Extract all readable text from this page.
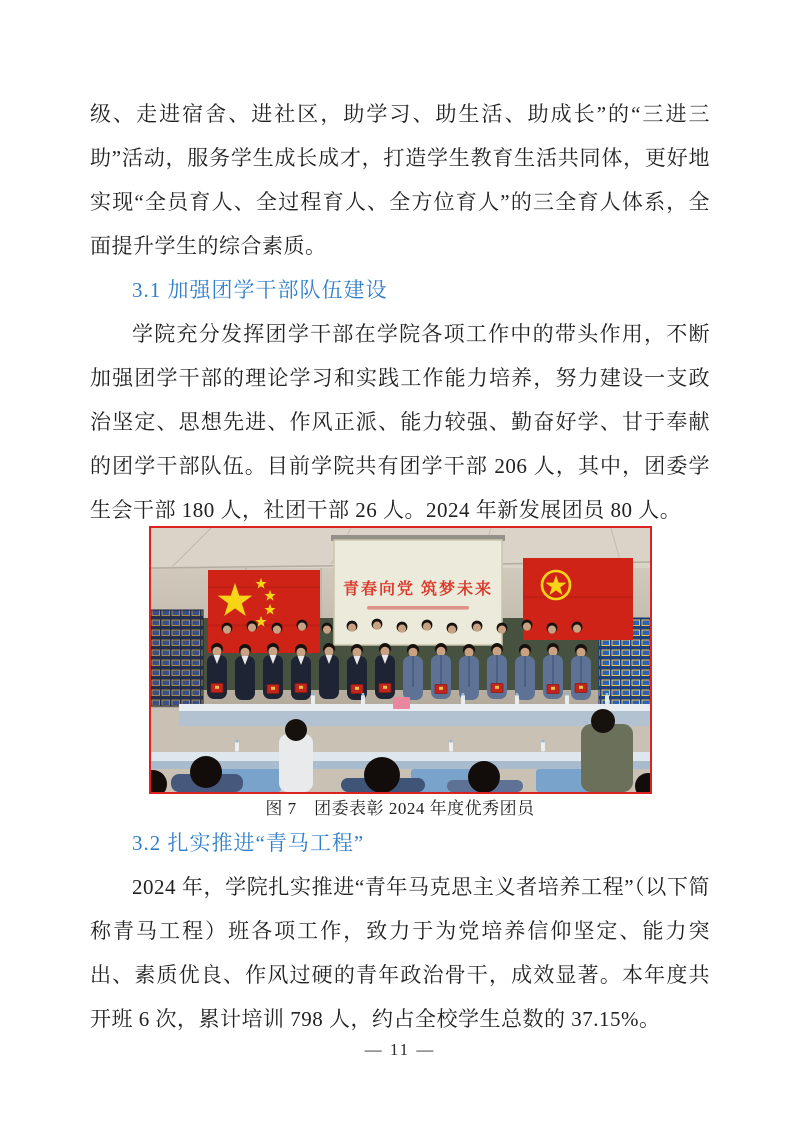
级、走进宿舍、进社区，助学习、助生活、助成长”的“三进三助”活动，服务学生成长成才，打造学生教育生活共同体，更好地实现“全员育人、全过程育人、全方位育人”的三全育人体系，全面提升学生的综合素质。

3.1 加强团学干部队伍建设

学院充分发挥团学干部在学院各项工作中的带头作用，不断加强团学干部的理论学习和实践工作能力培养，努力建设一支政治坚定、思想先进、作风正派、能力较强、勤奋好学、甘于奉献的团学干部队伍。目前学院共有团学干部 206 人，其中，团委学生会干部 180 人，社团干部 26 人。2024 年新发展团员 80 人。

青春向党 筑梦未来
图 7　团委表彰 2024 年度优秀团员
3.2 扎实推进“青马工程”

2024 年，学院扎实推进“青年马克思主义者培养工程”（以下简称青马工程）班各项工作，致力于为党培养信仰坚定、能力突出、素质优良、作风过硬的青年政治骨干，成效显著。本年度共开班 6 次，累计培训 798 人，约占全校学生总数的 37.15%。

— 11 —
